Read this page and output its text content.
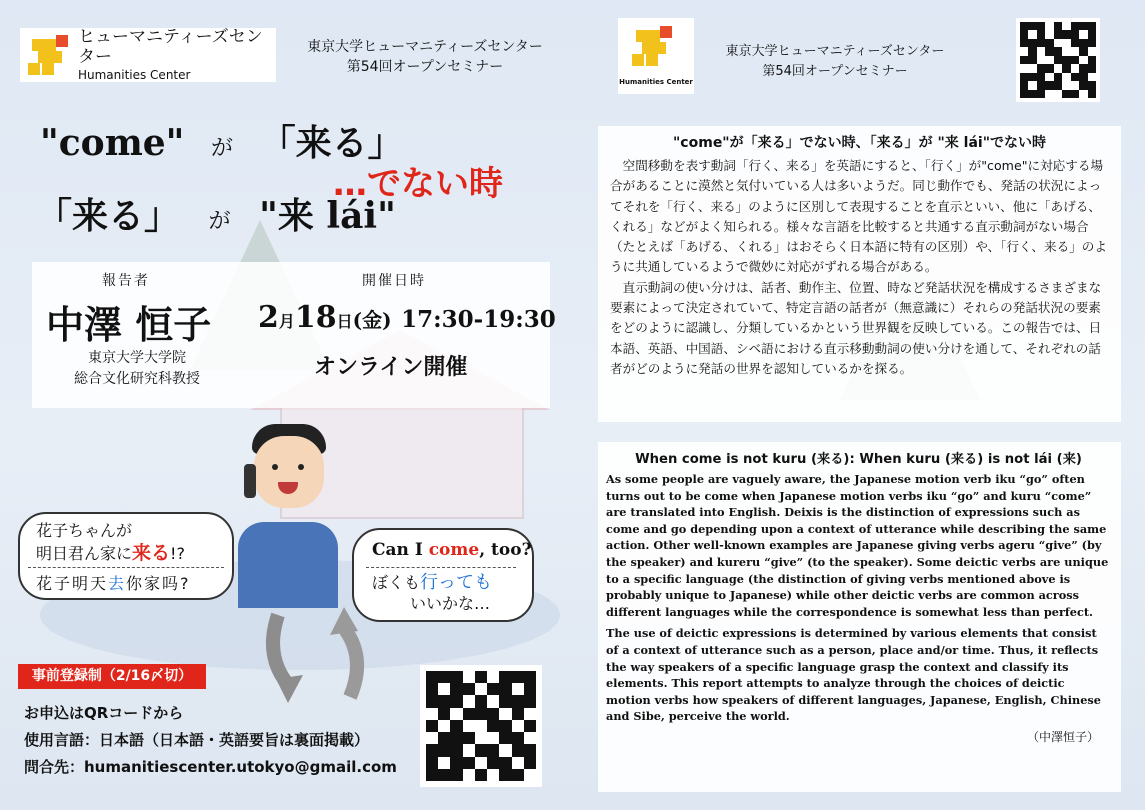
ヒューマニティーズセンター
Humanities Center
東京大学ヒューマニティーズセンター
第54回オープンセミナー
"come" が 「来る」
…でない時
「来る」 が "来 lái"
報告者
中澤 恒子
東京大学大学院
総合文化研究科教授
開催日時
2月18日(金) 17:30-19:30
オンライン開催
花子ちゃんが
明日君ん家に来る!?
花子明天去你家吗?
Can I come, too?
ぼくも行っても
いいかな…
事前登録制（2/16〆切）
お申込はQRコードから
使用言語：日本語（日本語・英語要旨は裏面掲載）
問合先：humanitiescenter.utokyo@gmail.com
Humanities Center
東京大学ヒューマニティーズセンター
第54回オープンセミナー
"come"が「来る」でない時、「来る」が "来 lái"でない時

空間移動を表す動詞「行く、来る」を英語にすると、「行く」が"come"に対応する場合があることに漠然と気付いている人は多いようだ。同じ動作でも、発話の状況によってそれを「行く、来る」のように区別して表現することを直示といい、他に「あげる、くれる」などがよく知られる。様々な言語を比較すると共通する直示動詞がない場合（たとえば「あげる、くれる」はおそらく日本語に特有の区別）や、「行く、来る」のように共通しているようで微妙に対応がずれる場合がある。

直示動詞の使い分けは、話者、動作主、位置、時など発話状況を構成するさまざまな要素によって決定されていて、特定言語の話者が（無意識に）それらの発話状況の要素をどのように認識し、分類しているかという世界観を反映している。この報告では、日本語、英語、中国語、シベ語における直示移動動詞の使い分けを通して、それぞれの話者がどのように発話の世界を認知しているかを探る。

When come is not kuru (来る): When kuru (来る) is not lái (来)

As some people are vaguely aware, the Japanese motion verb iku “go” often turns out to be come when Japanese motion verbs iku “go” and kuru “come” are translated into English. Deixis is the distinction of expressions such as come and go depending upon a context of utterance while describing the same action. Other well-known examples are Japanese giving verbs ageru “give” (by the speaker) and kureru “give” (to the speaker). Some deictic verbs are unique to a specific language (the distinction of giving verbs mentioned above is probably unique to Japanese) while other deictic verbs are common across different languages while the correspondence is somewhat less than perfect.

The use of deictic expressions is determined by various elements that consist of a context of utterance such as a person, place and/or time. Thus, it reflects the way speakers of a specific language grasp the context and classify its elements. This report attempts to analyze through the choices of deictic motion verbs how speakers of different languages, Japanese, English, Chinese and Sibe, perceive the world.

（中澤恒子）
